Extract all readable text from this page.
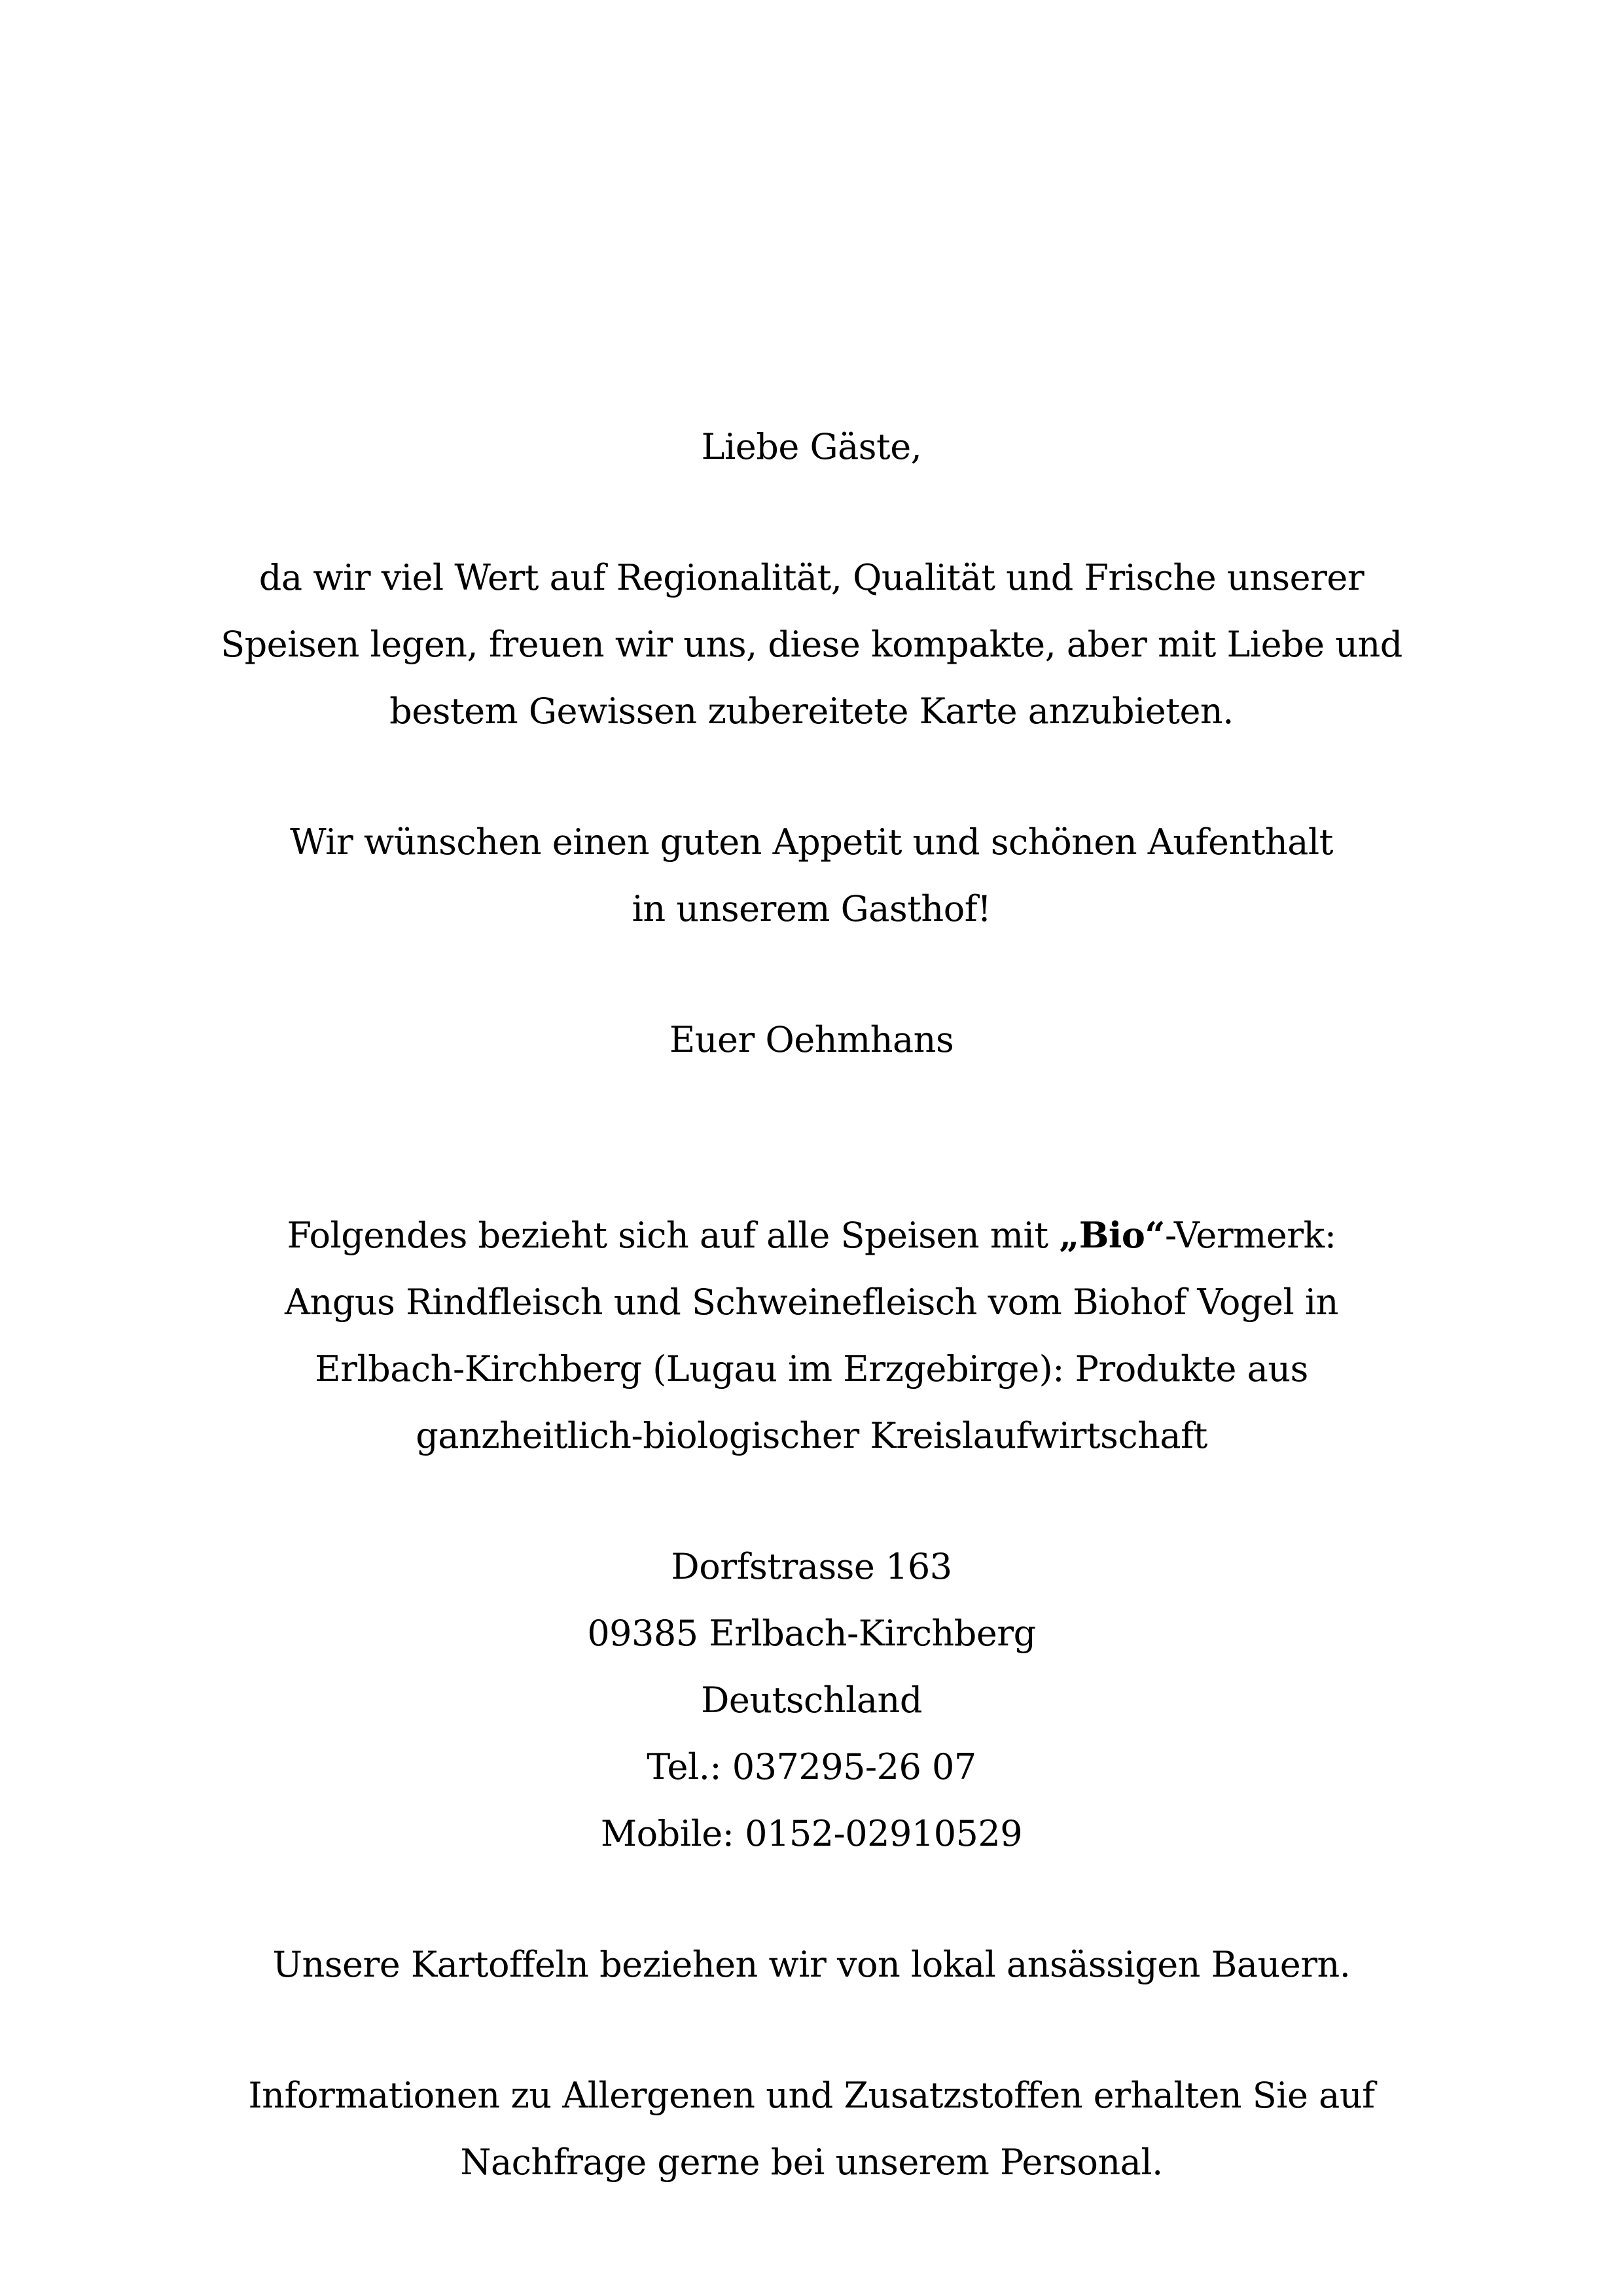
Liebe Gäste,
da wir viel Wert auf Regionalität, Qualität und Frische unserer
Speisen legen, freuen wir uns, diese kompakte, aber mit Liebe und
bestem Gewissen zubereitete Karte anzubieten.
Wir wünschen einen guten Appetit und schönen Aufenthalt
in unserem Gasthof!
Euer Oehmhans
Folgendes bezieht sich auf alle Speisen mit „Bio“-Vermerk:
Angus Rindfleisch und Schweinefleisch vom Biohof Vogel in
Erlbach-Kirchberg (Lugau im Erzgebirge): Produkte aus
ganzheitlich-biologischer Kreislaufwirtschaft
Dorfstrasse 163
09385 Erlbach-Kirchberg
Deutschland
Tel.: 037295-26 07
Mobile: 0152-02910529
Unsere Kartoffeln beziehen wir von lokal ansässigen Bauern.
Informationen zu Allergenen und Zusatzstoffen erhalten Sie auf
Nachfrage gerne bei unserem Personal.
